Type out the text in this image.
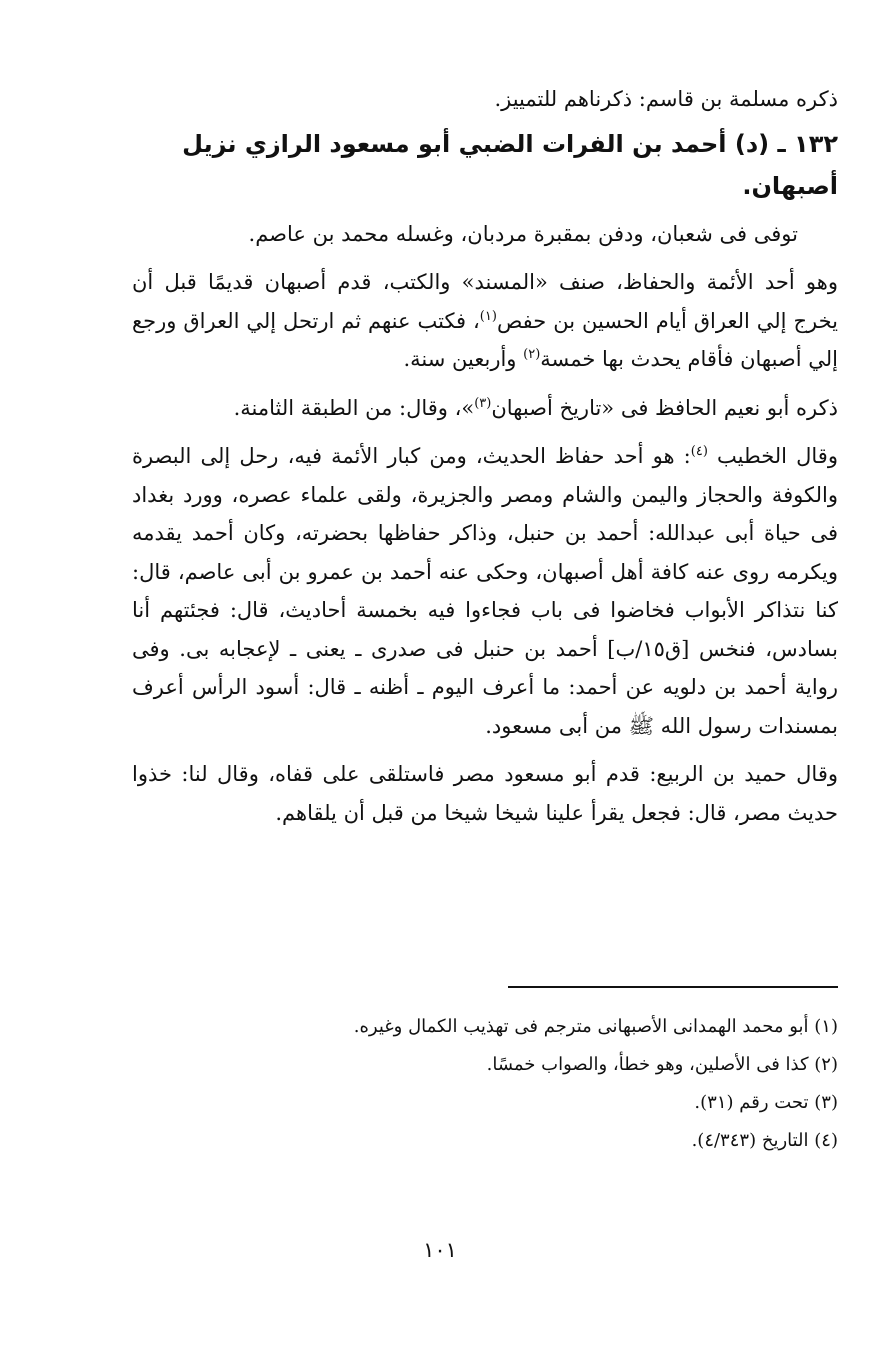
ذكره مسلمة بن قاسم: ذكرناهم للتمييز.

١٣٢ ـ (د) أحمد بن الفرات الضبي أبو مسعود الرازي نزيل أصبهان.

توفى فى شعبان، ودفن بمقبرة مردبان، وغسله محمد بن عاصم.

وهو أحد الأئمة والحفاظ، صنف «المسند» والكتب، قدم أصبهان قديمًا قبل أن يخرج إلي العراق أيام الحسين بن حفص$^{(١)}$، فكتب عنهم ثم ارتحل إلي العراق ورجع إلي أصبهان فأقام يحدث بها خمسة$^{(٢)}$ وأربعين سنة.

ذكره أبو نعيم الحافظ فى «تاريخ أصبهان$^{(٣)}$»، وقال: من الطبقة الثامنة.

وقال الخطيب $^{(٤)}$: هو أحد حفاظ الحديث، ومن كبار الأئمة فيه، رحل إلى البصرة والكوفة والحجاز واليمن والشام ومصر والجزيرة، ولقى علماء عصره، وورد بغداد فى حياة أبى عبدالله: أحمد بن حنبل، وذاكر حفاظها بحضرته، وكان أحمد يقدمه ويكرمه روى عنه كافة أهل أصبهان، وحكى عنه أحمد بن عمرو بن أبى عاصم، قال: كنا نتذاكر الأبواب فخاضوا فى باب فجاءوا فيه بخمسة أحاديث، قال: فجئتهم أنا بسادس، فنخس [ق١٥/ب] أحمد بن حنبل فى صدرى ـ يعنى ـ لإعجابه بى. وفى رواية أحمد بن دلويه عن أحمد: ما أعرف اليوم ـ أظنه ـ قال: أسود الرأس أعرف بمسندات رسول الله ﷺ من أبى مسعود.

وقال حميد بن الربيع: قدم أبو مسعود مصر فاستلقى على قفاه، وقال لنا: خذوا حديث مصر، قال: فجعل يقرأ علينا شيخا شيخا من قبل أن يلقاهم.

(١) أبو محمد الهمدانى الأصبهانى مترجم فى تهذيب الكمال وغيره.

(٢) كذا فى الأصلين، وهو خطأ، والصواب خمسًا.

(٣) تحت رقم (٣١).

(٤) التاريخ (٤/٣٤٣).

١٠١
